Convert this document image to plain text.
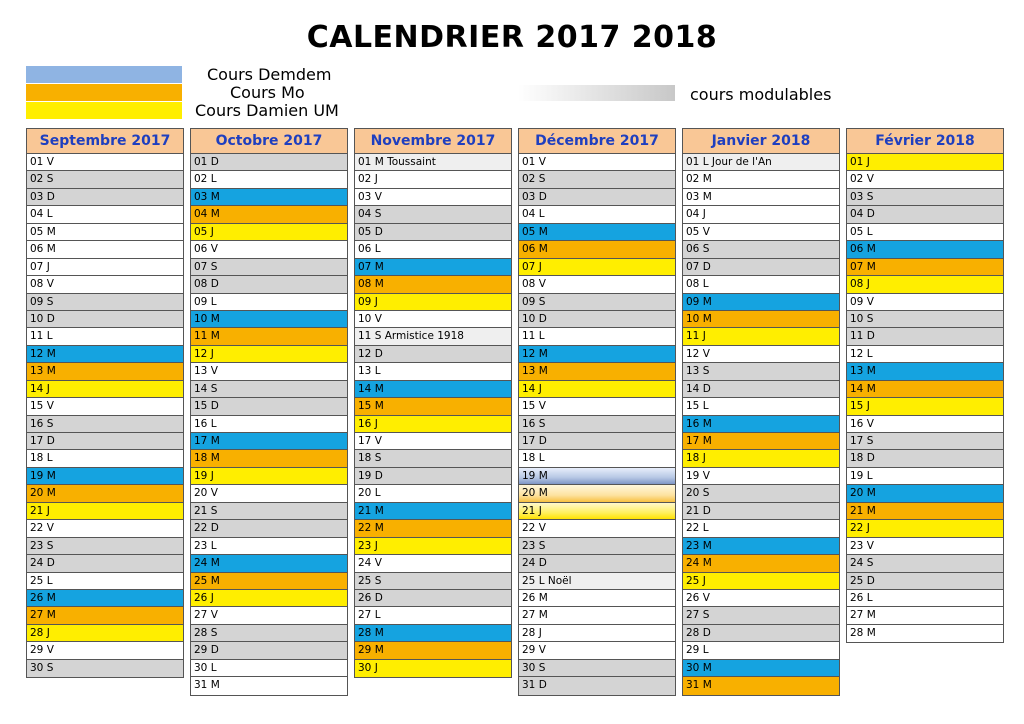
CALENDRIER 2017 2018
Cours Demdem
Cours Mo
Cours Damien UM
cours modulables
Septembre 2017
01 V
02 S
03 D
04 L
05 M
06 M
07 J
08 V
09 S
10 D
11 L
12 M
13 M
14 J
15 V
16 S
17 D
18 L
19 M
20 M
21 J
22 V
23 S
24 D
25 L
26 M
27 M
28 J
29 V
30 S
Octobre 2017
01 D
02 L
03 M
04 M
05 J
06 V
07 S
08 D
09 L
10 M
11 M
12 J
13 V
14 S
15 D
16 L
17 M
18 M
19 J
20 V
21 S
22 D
23 L
24 M
25 M
26 J
27 V
28 S
29 D
30 L
31 M
Novembre 2017
01 M Toussaint
02 J
03 V
04 S
05 D
06 L
07 M
08 M
09 J
10 V
11 S Armistice 1918
12 D
13 L
14 M
15 M
16 J
17 V
18 S
19 D
20 L
21 M
22 M
23 J
24 V
25 S
26 D
27 L
28 M
29 M
30 J
Décembre 2017
01 V
02 S
03 D
04 L
05 M
06 M
07 J
08 V
09 S
10 D
11 L
12 M
13 M
14 J
15 V
16 S
17 D
18 L
19 M
20 M
21 J
22 V
23 S
24 D
25 L Noël
26 M
27 M
28 J
29 V
30 S
31 D
Janvier 2018
01 L Jour de l'An
02 M
03 M
04 J
05 V
06 S
07 D
08 L
09 M
10 M
11 J
12 V
13 S
14 D
15 L
16 M
17 M
18 J
19 V
20 S
21 D
22 L
23 M
24 M
25 J
26 V
27 S
28 D
29 L
30 M
31 M
Février 2018
01 J
02 V
03 S
04 D
05 L
06 M
07 M
08 J
09 V
10 S
11 D
12 L
13 M
14 M
15 J
16 V
17 S
18 D
19 L
20 M
21 M
22 J
23 V
24 S
25 D
26 L
27 M
28 M
